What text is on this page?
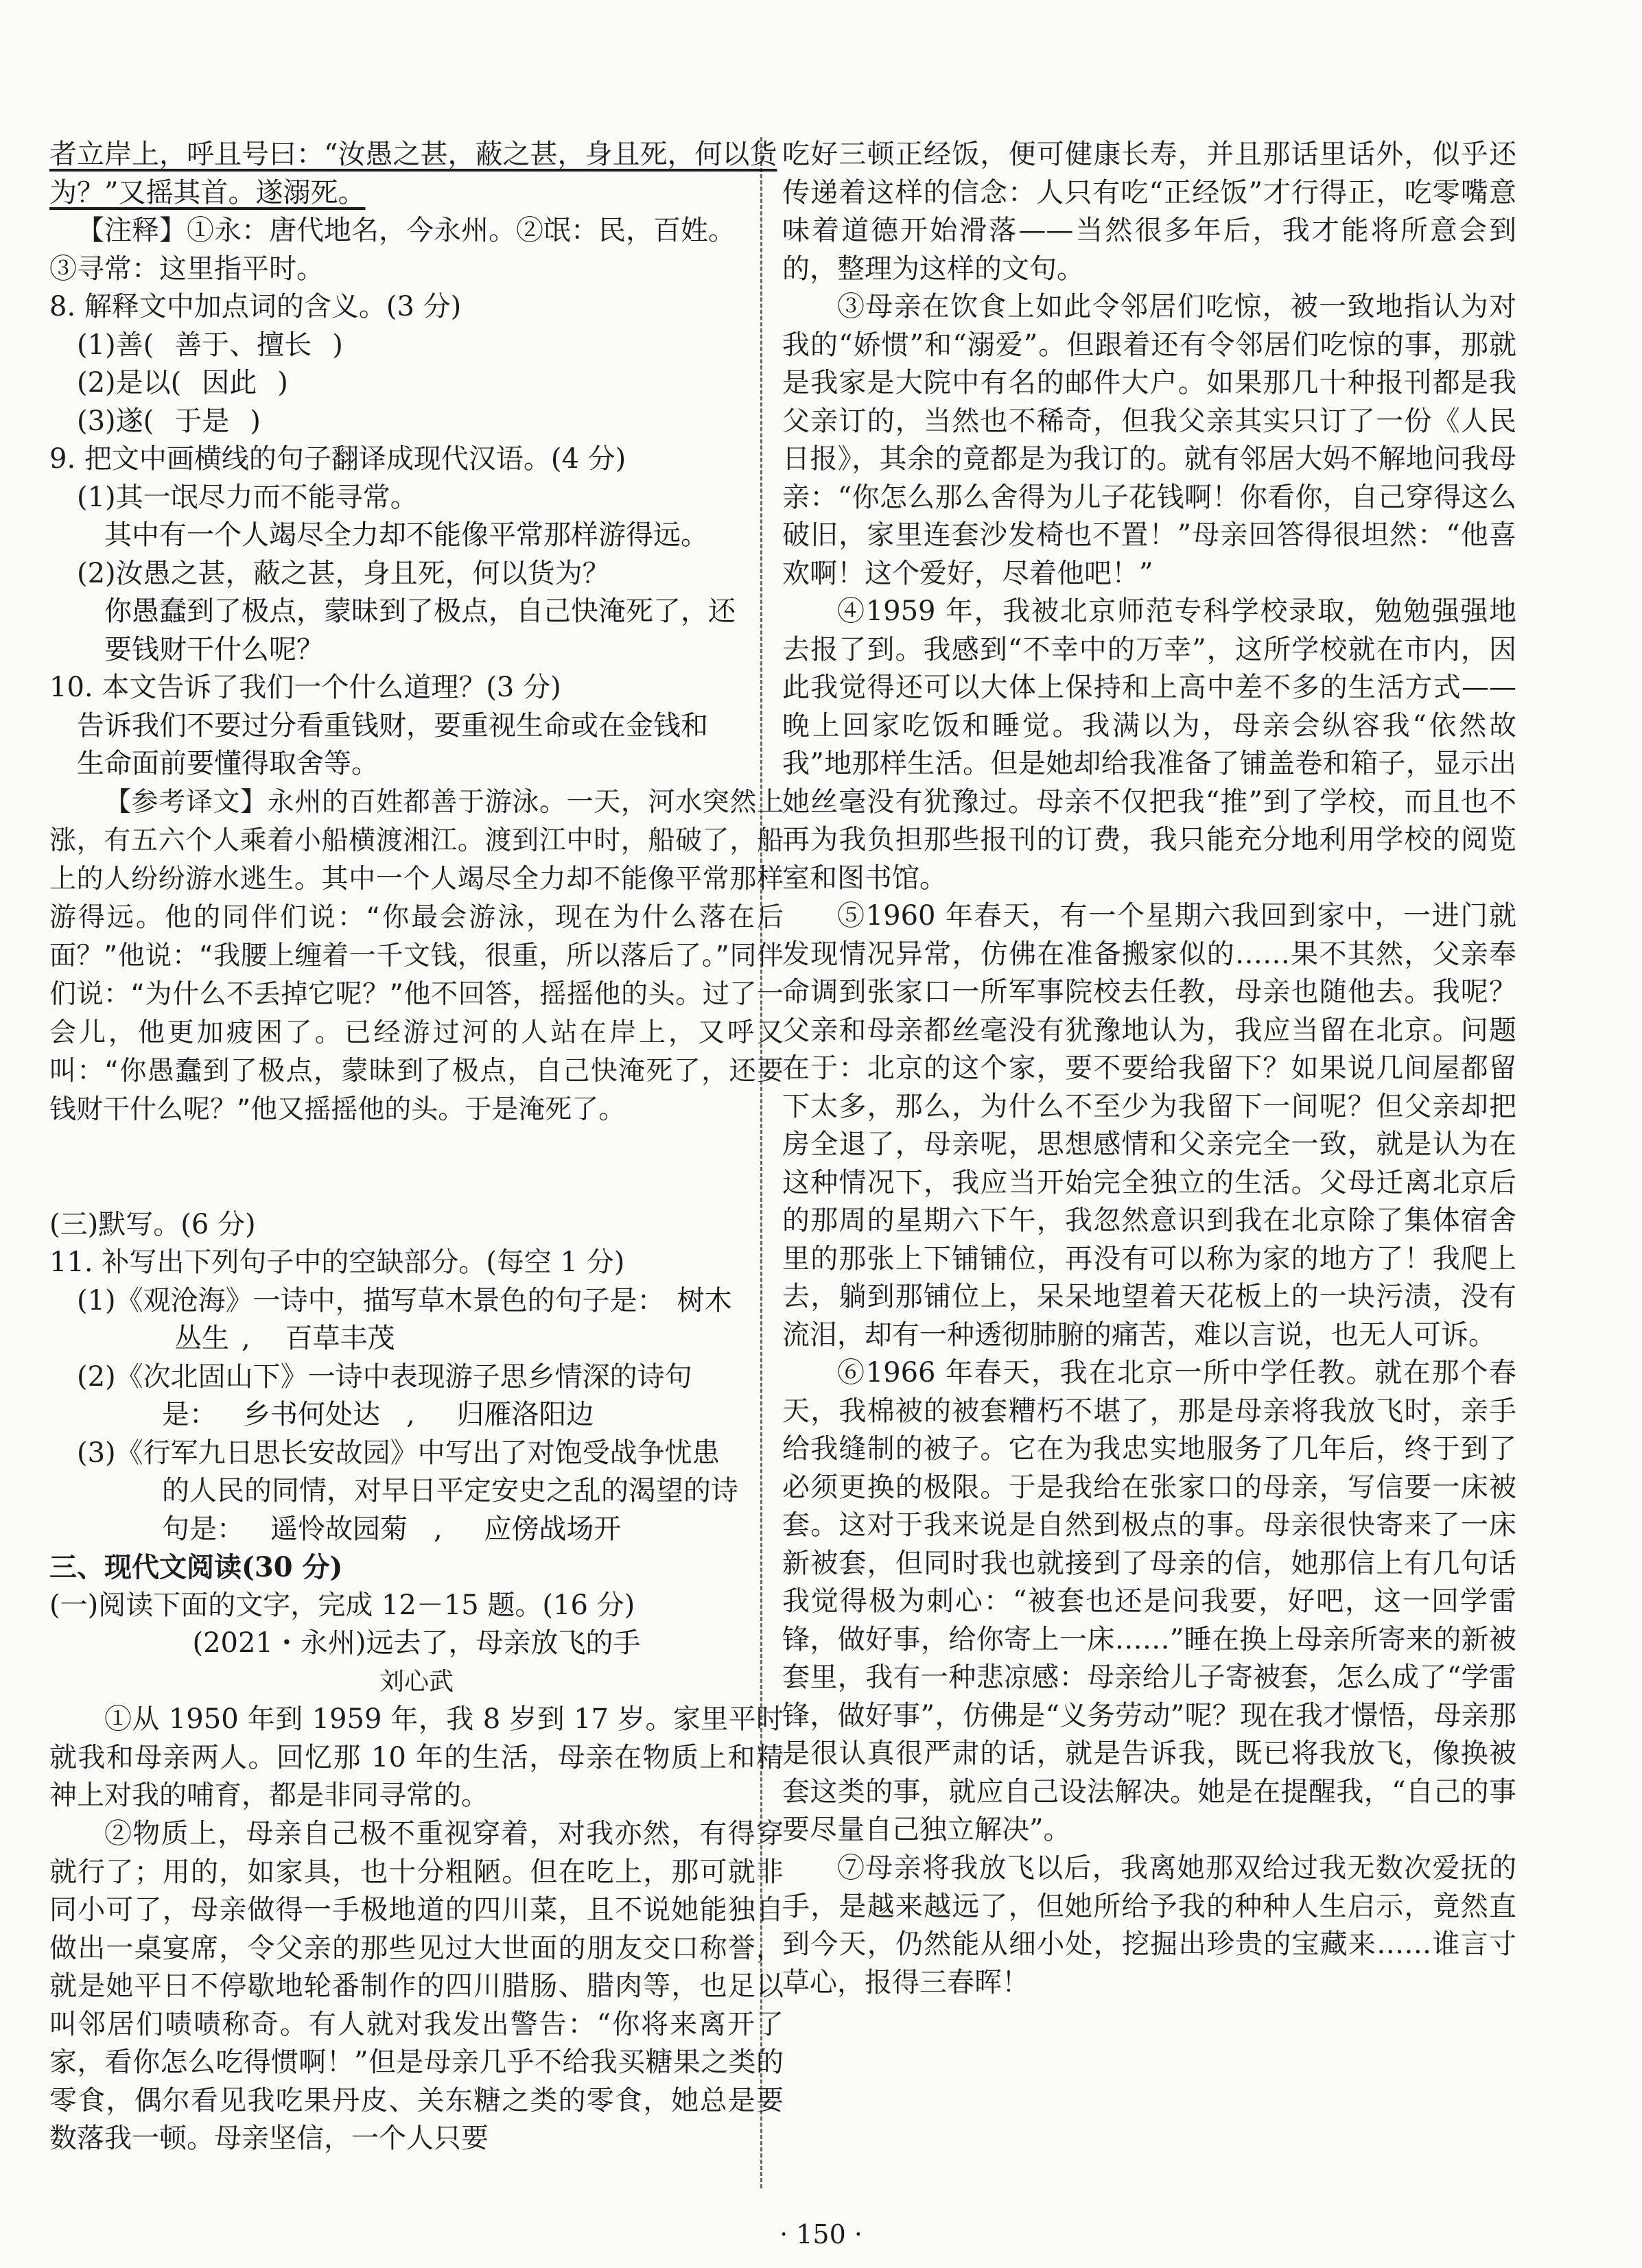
者立岸上，呼且号曰：“汝愚之甚，蔽之甚，身且死，何以货
为？”又摇其首。遂溺死。
【注释】①永：唐代地名，今永州。②氓：民，百姓。
③寻常：这里指平时。
8. 解释文中加点词的含义。(3 分)
(1)善( 善于、擅长 )
(2)是以( 因此 )
(3)遂( 于是 )
9. 把文中画横线的句子翻译成现代汉语。(4 分)
(1)其一氓尽力而不能寻常。
其中有一个人竭尽全力却不能像平常那样游得远。
(2)汝愚之甚，蔽之甚，身且死，何以货为？
你愚蠢到了极点，蒙昧到了极点，自己快淹死了，还
要钱财干什么呢？
10. 本文告诉了我们一个什么道理？(3 分)
告诉我们不要过分看重钱财，要重视生命或在金钱和
生命面前要懂得取舍等。

【参考译文】永州的百姓都善于游泳。一天，河水突然上涨，有五六个人乘着小船横渡湘江。渡到江中时，船破了，船上的人纷纷游水逃生。其中一个人竭尽全力却不能像平常那样游得远。他的同伴们说：“你最会游泳，现在为什么落在后面？”他说：“我腰上缠着一千文钱，很重，所以落后了。”同伴们说：“为什么不丢掉它呢？”他不回答，摇摇他的头。过了一会儿，他更加疲困了。已经游过河的人站在岸上，又呼又叫：“你愚蠢到了极点，蒙昧到了极点，自己快淹死了，还要钱财干什么呢？”他又摇摇他的头。于是淹死了。

(三)默写。(6 分)
11. 补写出下列句子中的空缺部分。(每空 1 分)
(1)《观沧海》一诗中，描写草木景色的句子是： 树木
丛生 , 百草丰茂
(2)《次北固山下》一诗中表现游子思乡情深的诗句
是： 乡书何处达 , 归雁洛阳边
(3)《行军九日思长安故园》中写出了对饱受战争忧患
的人民的同情，对早日平定安史之乱的渴望的诗
句是： 遥怜故园菊 , 应傍战场开
三、现代文阅读(30 分)
(一)阅读下面的文字，完成 12－15 题。(16 分)
(2021・永州)远去了，母亲放飞的手
刘心武

①从 1950 年到 1959 年，我 8 岁到 17 岁。家里平时就我和母亲两人。回忆那 10 年的生活，母亲在物质上和精神上对我的哺育，都是非同寻常的。

②物质上，母亲自己极不重视穿着，对我亦然，有得穿就行了；用的，如家具，也十分粗陋。但在吃上，那可就非同小可了，母亲做得一手极地道的四川菜，且不说她能独自做出一桌宴席，令父亲的那些见过大世面的朋友交口称誉，就是她平日不停歇地轮番制作的四川腊肠、腊肉等，也足以叫邻居们啧啧称奇。有人就对我发出警告：“你将来离开了家，看你怎么吃得惯啊！”但是母亲几乎不给我买糖果之类的零食，偶尔看见我吃果丹皮、关东糖之类的零食，她总是要数落我一顿。母亲坚信，一个人只要

吃好三顿正经饭，便可健康长寿，并且那话里话外，似乎还传递着这样的信念：人只有吃“正经饭”才行得正，吃零嘴意味着道德开始滑落——当然很多年后，我才能将所意会到的，整理为这样的文句。

③母亲在饮食上如此令邻居们吃惊，被一致地指认为对我的“娇惯”和“溺爱”。但跟着还有令邻居们吃惊的事，那就是我家是大院中有名的邮件大户。如果那几十种报刊都是我父亲订的，当然也不稀奇，但我父亲其实只订了一份《人民日报》，其余的竟都是为我订的。就有邻居大妈不解地问我母亲：“你怎么那么舍得为儿子花钱啊！你看你，自己穿得这么破旧，家里连套沙发椅也不置！”母亲回答得很坦然：“他喜欢啊！这个爱好，尽着他吧！”

④1959 年，我被北京师范专科学校录取，勉勉强强地去报了到。我感到“不幸中的万幸”，这所学校就在市内，因此我觉得还可以大体上保持和上高中差不多的生活方式——晚上回家吃饭和睡觉。我满以为，母亲会纵容我“依然故我”地那样生活。但是她却给我准备了铺盖卷和箱子，显示出她丝毫没有犹豫过。母亲不仅把我“推”到了学校，而且也不再为我负担那些报刊的订费，我只能充分地利用学校的阅览室和图书馆。

⑤1960 年春天，有一个星期六我回到家中，一进门就发现情况异常，仿佛在准备搬家似的……果不其然，父亲奉命调到张家口一所军事院校去任教，母亲也随他去。我呢？父亲和母亲都丝毫没有犹豫地认为，我应当留在北京。问题在于：北京的这个家，要不要给我留下？如果说几间屋都留下太多，那么，为什么不至少为我留下一间呢？但父亲却把房全退了，母亲呢，思想感情和父亲完全一致，就是认为在这种情况下，我应当开始完全独立的生活。父母迁离北京后的那周的星期六下午，我忽然意识到我在北京除了集体宿舍里的那张上下铺铺位，再没有可以称为家的地方了！我爬上去，躺到那铺位上，呆呆地望着天花板上的一块污渍，没有流泪，却有一种透彻肺腑的痛苦，难以言说，也无人可诉。

⑥1966 年春天，我在北京一所中学任教。就在那个春天，我棉被的被套糟朽不堪了，那是母亲将我放飞时，亲手给我缝制的被子。它在为我忠实地服务了几年后，终于到了必须更换的极限。于是我给在张家口的母亲，写信要一床被套。这对于我来说是自然到极点的事。母亲很快寄来了一床新被套，但同时我也就接到了母亲的信，她那信上有几句话我觉得极为刺心：“被套也还是问我要，好吧，这一回学雷锋，做好事，给你寄上一床……”睡在换上母亲所寄来的新被套里，我有一种悲凉感：母亲给儿子寄被套，怎么成了“学雷锋，做好事”，仿佛是“义务劳动”呢？现在我才憬悟，母亲那是很认真很严肃的话，就是告诉我，既已将我放飞，像换被套这类的事，就应自己设法解决。她是在提醒我，“自己的事要尽量自己独立解决”。

⑦母亲将我放飞以后，我离她那双给过我无数次爱抚的手，是越来越远了，但她所给予我的种种人生启示，竟然直到今天，仍然能从细小处，挖掘出珍贵的宝藏来……谁言寸草心，报得三春晖！

· 150 ·
